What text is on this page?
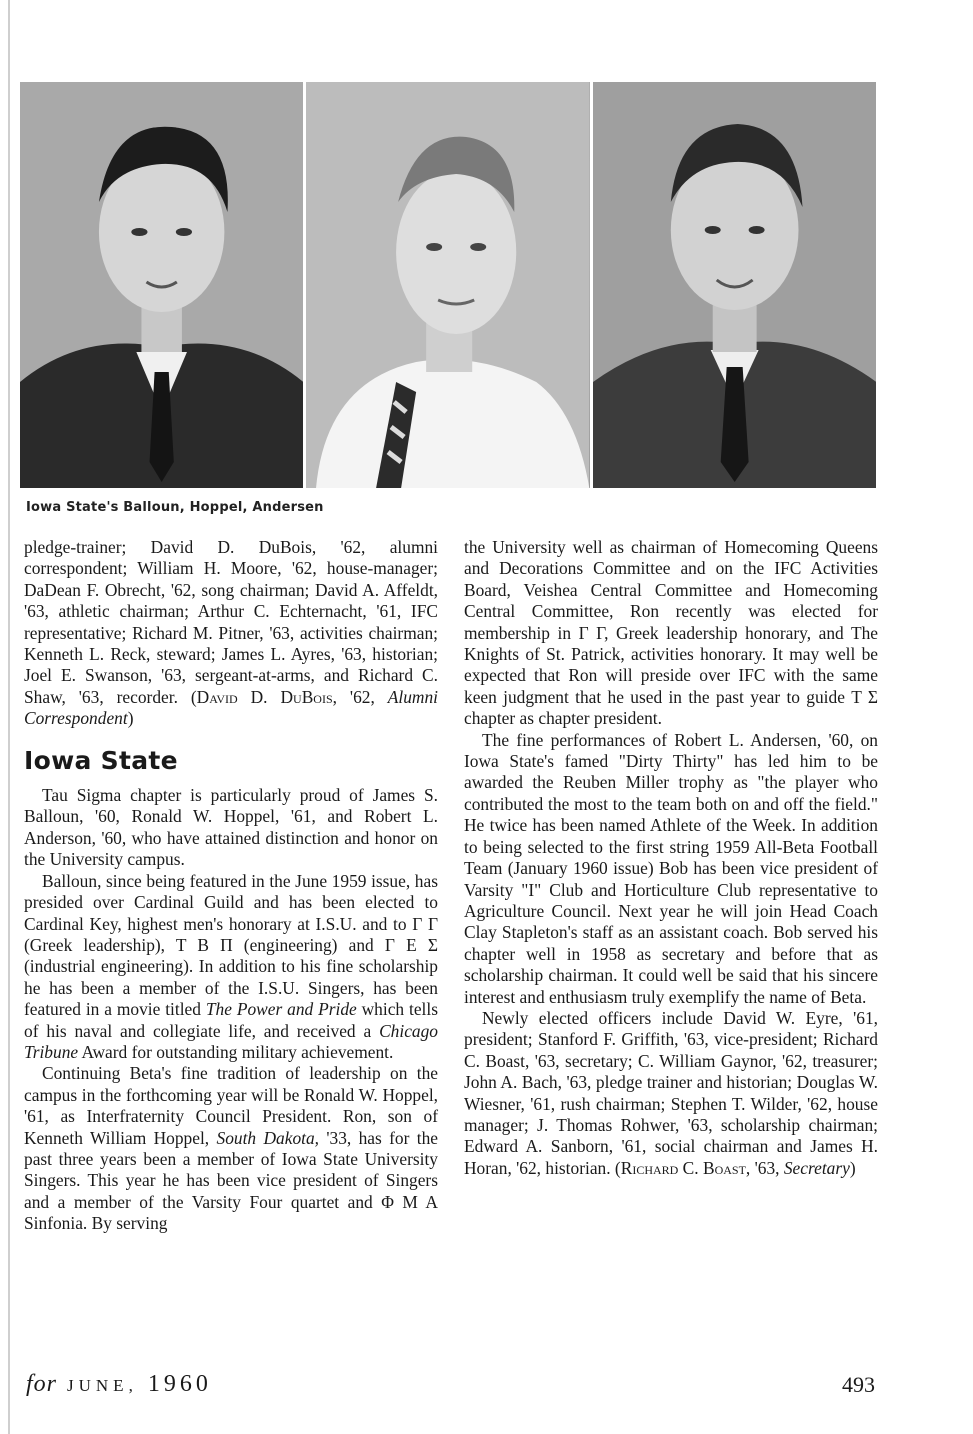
Iowa State's Balloun, Hoppel, Andersen

pledge-trainer; David D. DuBois, '62, alumni correspondent; William H. Moore, '62, house-manager; DaDean F. Obrecht, '62, song chairman; David A. Affeldt, '63, athletic chairman; Arthur C. Echternacht, '61, IFC representative; Richard M. Pitner, '63, activities chairman; Kenneth L. Reck, steward; James L. Ayres, '63, historian; Joel E. Swanson, '63, sergeant-at-arms, and Richard C. Shaw, '63, recorder. (David D. DuBois, '62, Alumni Correspondent)

Iowa State

Tau Sigma chapter is particularly proud of James S. Balloun, '60, Ronald W. Hoppel, '61, and Robert L. Anderson, '60, who have attained distinction and honor on the University campus.

Balloun, since being featured in the June 1959 issue, has presided over Cardinal Guild and has been elected to Cardinal Key, highest men's honorary at I.S.U. and to Γ Γ (Greek leadership), Τ Β Π (engineering) and Γ Ε Σ (industrial engineering). In addition to his fine scholarship he has been a member of the I.S.U. Singers, has been featured in a movie titled The Power and Pride which tells of his naval and collegiate life, and received a Chicago Tribune Award for outstanding military achievement.

Continuing Beta's fine tradition of leadership on the campus in the forthcoming year will be Ronald W. Hoppel, '61, as Interfraternity Council President. Ron, son of Kenneth William Hoppel, South Dakota, '33, has for the past three years been a member of Iowa State University Singers. This year he has been vice president of Singers and a member of the Varsity Four quartet and Φ Μ Α Sinfonia. By serving

the University well as chairman of Homecoming Queens and Decorations Committee and on the IFC Activities Board, Veishea Central Committee and Homecoming Central Committee, Ron recently was elected for membership in Γ Γ, Greek leadership honorary, and The Knights of St. Patrick, activities honorary. It may well be expected that Ron will preside over IFC with the same keen judgment that he used in the past year to guide Τ Σ chapter as chapter president.

The fine performances of Robert L. Andersen, '60, on Iowa State's famed "Dirty Thirty" has led him to be awarded the Reuben Miller trophy as "the player who contributed the most to the team both on and off the field." He twice has been named Athlete of the Week. In addition to being selected to the first string 1959 All-Beta Football Team (January 1960 issue) Bob has been vice president of Varsity "I" Club and Horticulture Club representative to Agriculture Council. Next year he will join Head Coach Clay Stapleton's staff as an assistant coach. Bob served his chapter well in 1958 as secretary and before that as scholarship chairman. It could well be said that his sincere interest and enthusiasm truly exemplify the name of Beta.

Newly elected officers include David W. Eyre, '61, president; Stanford F. Griffith, '63, vice-president; Richard C. Boast, '63, secretary; C. William Gaynor, '62, treasurer; John A. Bach, '63, pledge trainer and historian; Douglas W. Wiesner, '61, rush chairman; Stephen T. Wilder, '62, house manager; J. Thomas Rohwer, '63, scholarship chairman; Edward A. Sanborn, '61, social chairman and James H. Horan, '62, historian. (Richard C. Boast, '63, Secretary)

for JUNE, 1960	493
